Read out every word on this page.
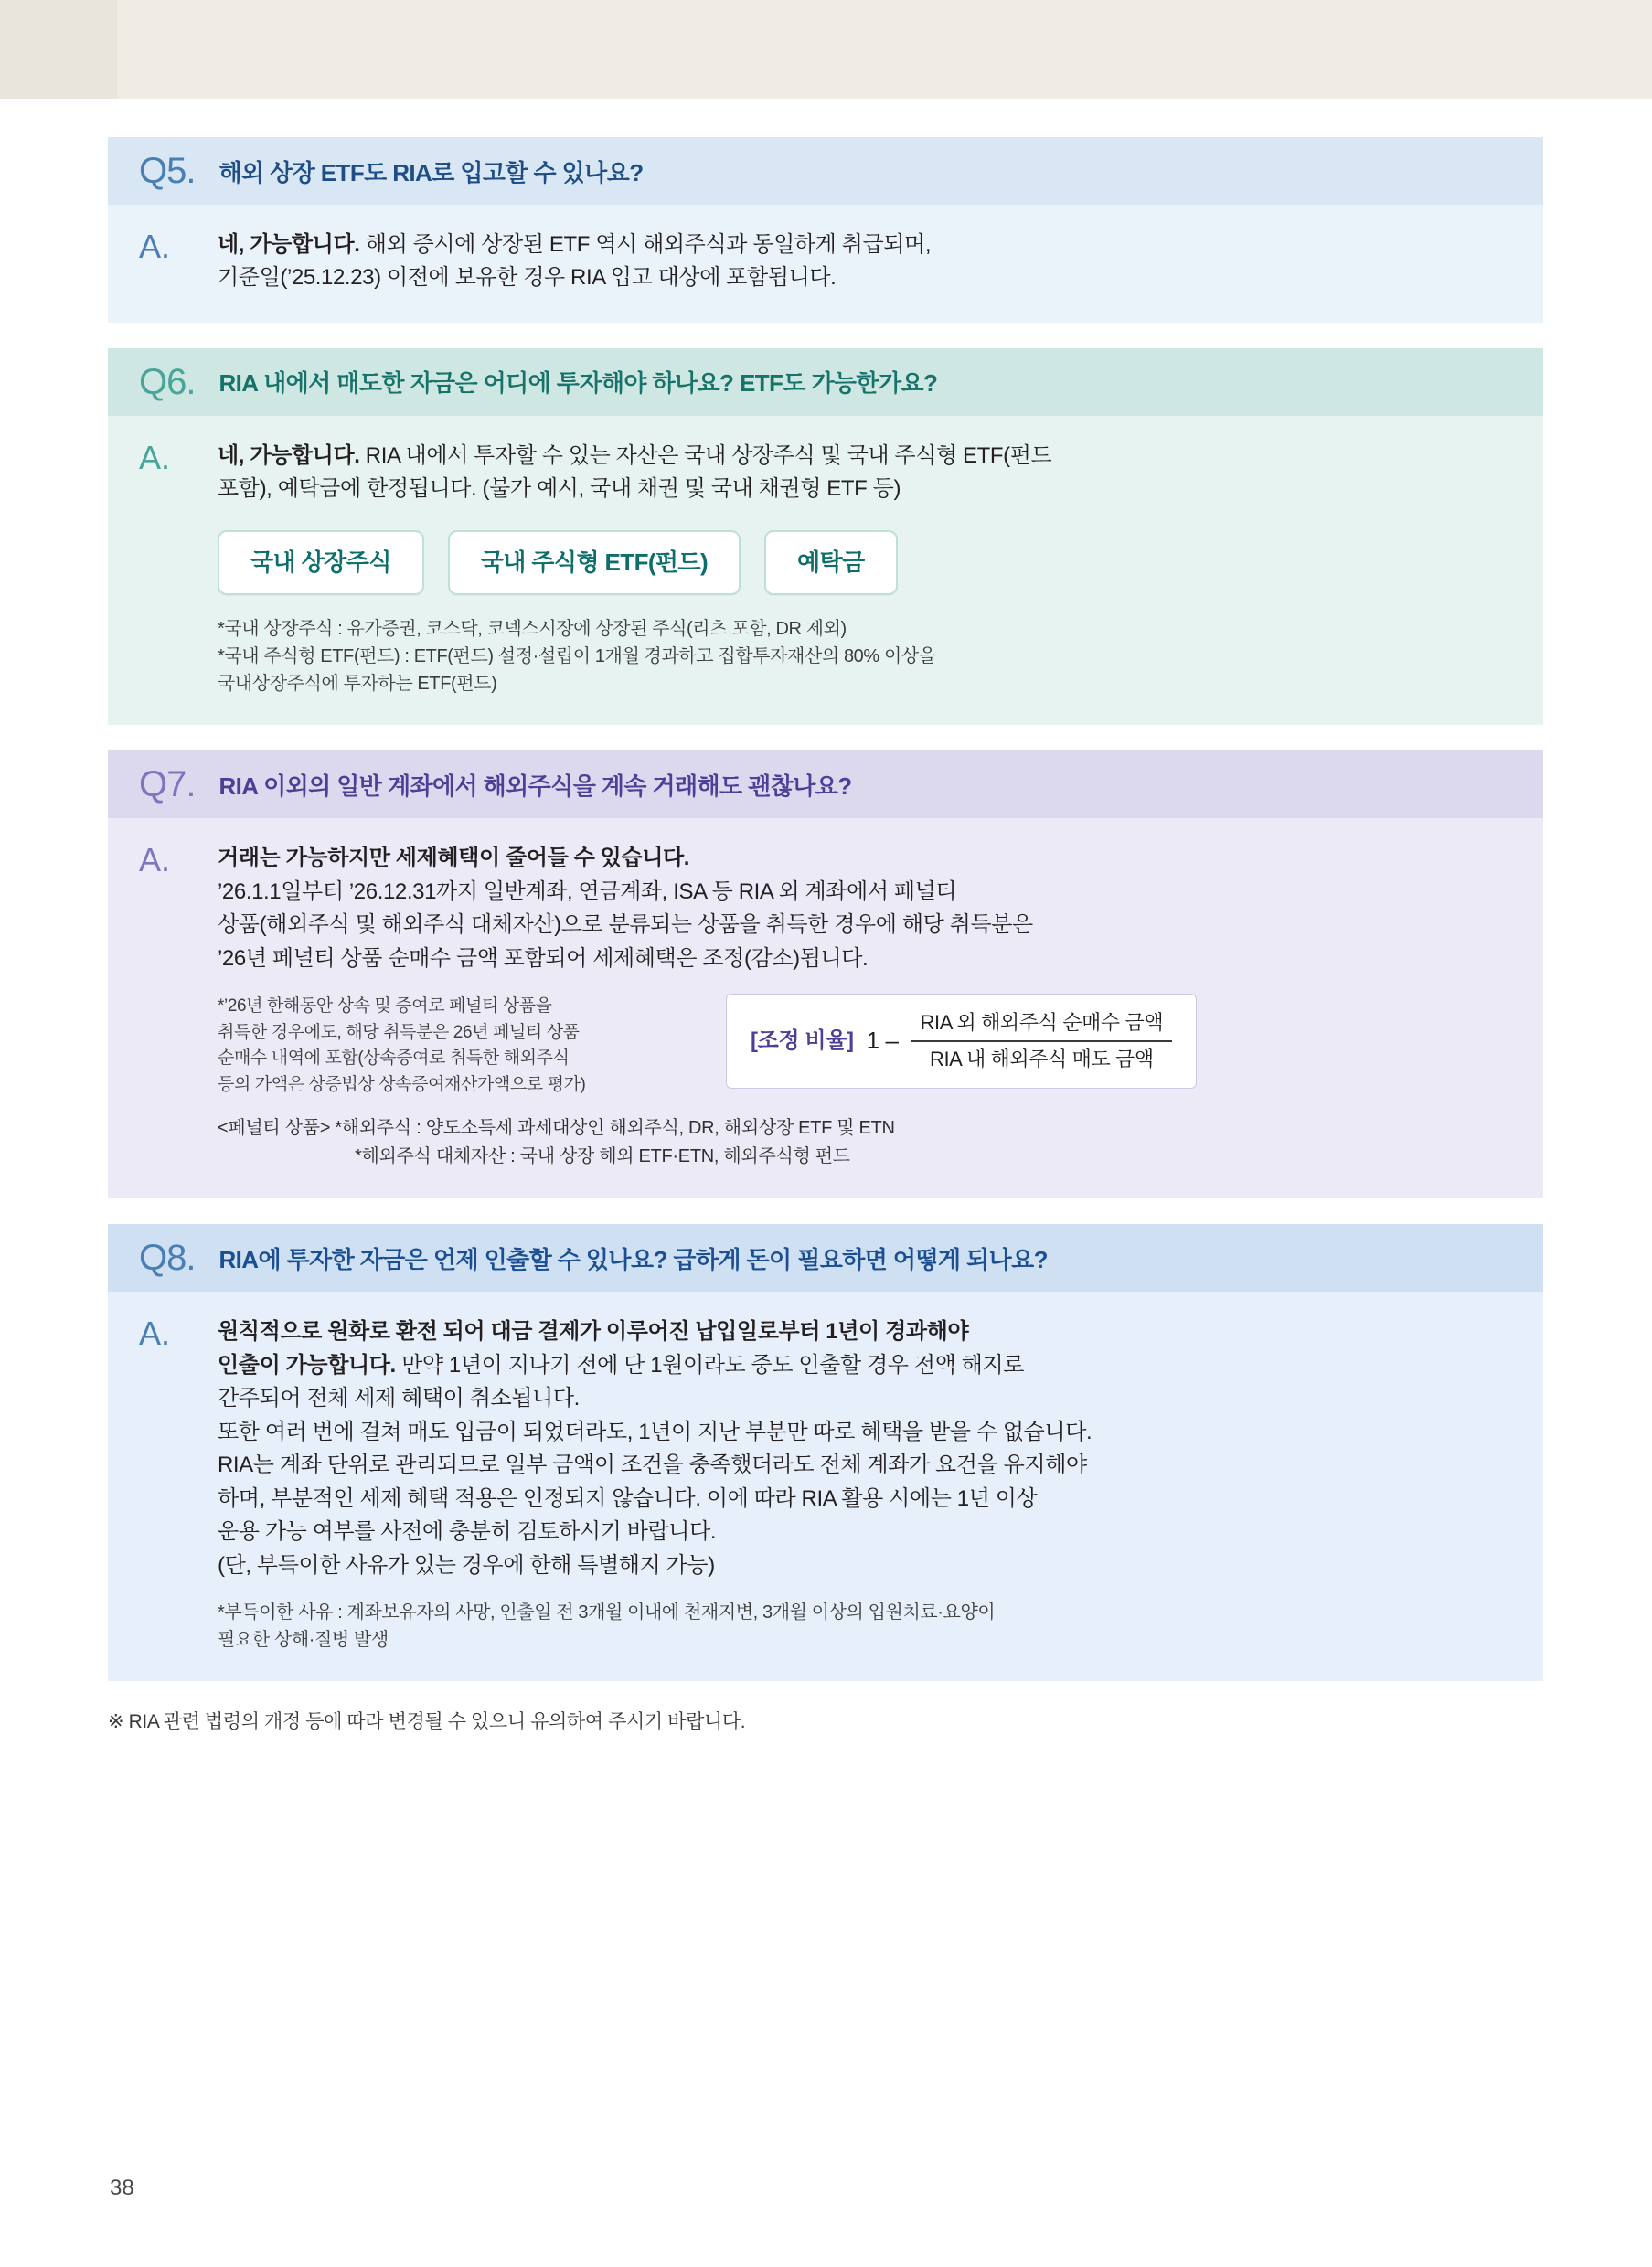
Q5. 해외 상장 ETF도 RIA로 입고할 수 있나요?
A.	네, 가능합니다. 해외 증시에 상장된 ETF 역시 해외주식과 동일하게 취급되며,

기준일(’25.12.23) 이전에 보유한 경우 RIA 입고 대상에 포함됩니다.

Q6. RIA 내에서 매도한 자금은 어디에 투자해야 하나요? ETF도 가능한가요?
A.	네, 가능합니다. RIA 내에서 투자할 수 있는 자산은 국내 상장주식 및 국내 주식형 ETF(펀드

포함), 예탁금에 한정됩니다. (불가 예시, 국내 채권 및 국내 채권형 ETF 등)

국내 상장주식	국내 주식형 ETF(펀드)	예탁금
*국내 상장주식 : 유가증권, 코스닥, 코넥스시장에 상장된 주식(리츠 포함, DR 제외)
*국내 주식형 ETF(펀드) : ETF(펀드) 설정·설립이 1개월 경과하고 집합투자재산의 80% 이상을
국내상장주식에 투자하는 ETF(펀드)
Q7. RIA 이외의 일반 계좌에서 해외주식을 계속 거래해도 괜찮나요?
A.	거래는 가능하지만 세제혜택이 줄어들 수 있습니다.

’26.1.1일부터 ’26.12.31까지 일반계좌, 연금계좌, ISA 등 RIA 외 계좌에서 페널티

상품(해외주식 및 해외주식 대체자산)으로 분류되는 상품을 취득한 경우에 해당 취득분은

’26년 페널티 상품 순매수 금액 포함되어 세제혜택은 조정(감소)됩니다.

*’26년 한해동안 상속 및 증여로 페널티 상품을
취득한 경우에도, 해당 취득분은 26년 페널티 상품
순매수 내역에 포함(상속증여로 취득한 해외주식
등의 가액은 상증법상 상속증여재산가액으로 평가)
[조정 비율] $1 - \frac{\text{RIA 외 해외주식 순매수 금액}}{\text{RIA 내 해외주식 매도 금액}}$
<페널티 상품> *해외주식 : 양도소득세 과세대상인 해외주식, DR, 해외상장 ETF 및 ETN
*해외주식 대체자산 : 국내 상장 해외 ETF·ETN, 해외주식형 펀드
Q8. RIA에 투자한 자금은 언제 인출할 수 있나요? 급하게 돈이 필요하면 어떻게 되나요?
A.	원칙적으로 원화로 환전 되어 대금 결제가 이루어진 납입일로부터 1년이 경과해야

인출이 가능합니다. 만약 1년이 지나기 전에 단 1원이라도 중도 인출할 경우 전액 해지로

간주되어 전체 세제 혜택이 취소됩니다.

또한 여러 번에 걸쳐 매도 입금이 되었더라도, 1년이 지난 부분만 따로 혜택을 받을 수 없습니다.

RIA는 계좌 단위로 관리되므로 일부 금액이 조건을 충족했더라도 전체 계좌가 요건을 유지해야

하며, 부분적인 세제 혜택 적용은 인정되지 않습니다. 이에 따라 RIA 활용 시에는 1년 이상

운용 가능 여부를 사전에 충분히 검토하시기 바랍니다.

(단, 부득이한 사유가 있는 경우에 한해 특별해지 가능)

*부득이한 사유 : 계좌보유자의 사망, 인출일 전 3개월 이내에 천재지변, 3개월 이상의 입원치료·요양이
필요한 상해·질병 발생
※ RIA 관련 법령의 개정 등에 따라 변경될 수 있으니 유의하여 주시기 바랍니다.
38
